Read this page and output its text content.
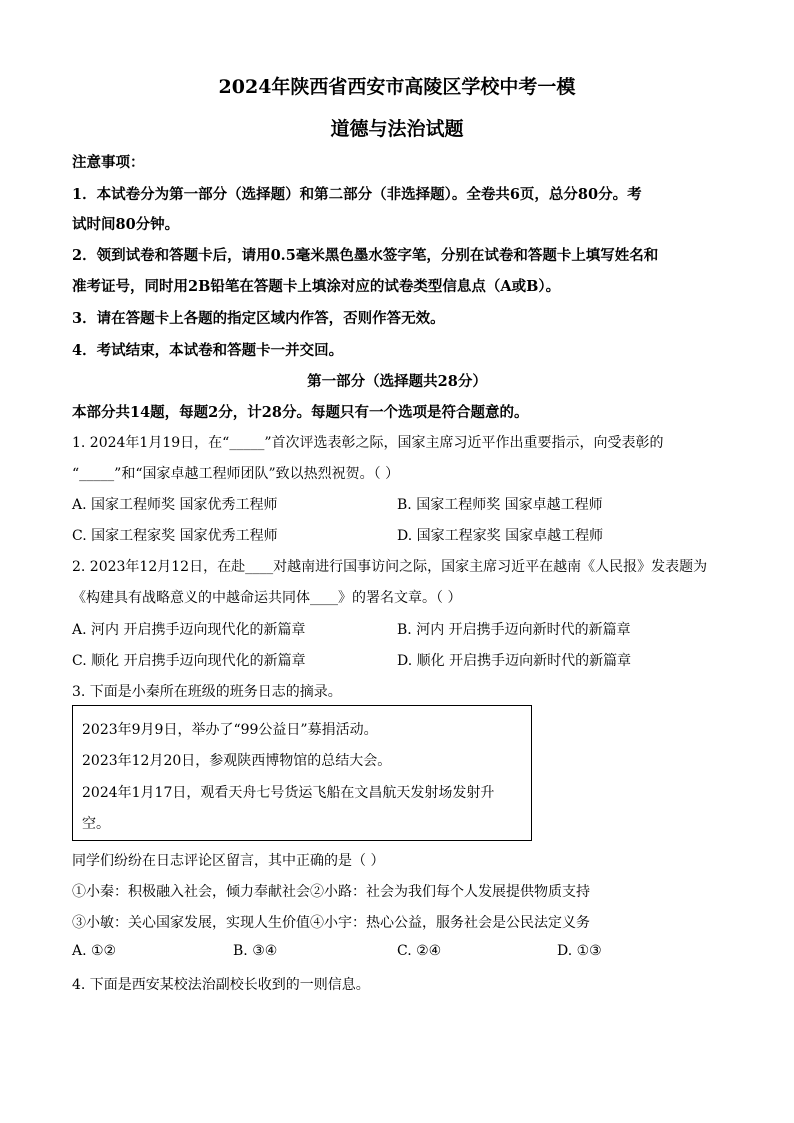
2024年陕西省西安市高陵区学校中考一模
道德与法治试题
注意事项：
1．本试卷分为第一部分（选择题）和第二部分（非选择题）。全卷共6页，总分80分。考
试时间80分钟。
2．领到试卷和答题卡后，请用0.5毫米黑色墨水签字笔，分别在试卷和答题卡上填写姓名和
准考证号，同时用2B铅笔在答题卡上填涂对应的试卷类型信息点（A或B）。
3．请在答题卡上各题的指定区域内作答，否则作答无效。
4．考试结束，本试卷和答题卡一并交回。
第一部分（选择题共28分）
本部分共14题，每题2分，计28分。每题只有一个选项是符合题意的。
1. 2024年1月19日，在“_____”首次评选表彰之际，国家主席习近平作出重要指示，向受表彰的
“_____”和“国家卓越工程师团队”致以热烈祝贺。（ ）
A. 国家工程师奖 国家优秀工程师	B. 国家工程师奖 国家卓越工程师
C. 国家工程家奖 国家优秀工程师	D. 国家工程家奖 国家卓越工程师
2. 2023年12月12日，在赴____对越南进行国事访问之际，国家主席习近平在越南《人民报》发表题为
《构建具有战略意义的中越命运共同体____》的署名文章。（ ）
A. 河内 开启携手迈向现代化的新篇章	B. 河内 开启携手迈向新时代的新篇章
C. 顺化 开启携手迈向现代化的新篇章	D. 顺化 开启携手迈向新时代的新篇章
3. 下面是小秦所在班级的班务日志的摘录。
2023年9月9日，举办了“99公益日”募捐活动。
2023年12月20日，参观陕西博物馆的总结大会。
2024年1月17日，观看天舟七号货运飞船在文昌航天发射场发射升
空。
同学们纷纷在日志评论区留言，其中正确的是（ ）
①小秦：积极融入社会，倾力奉献社会②小路：社会为我们每个人发展提供物质支持
③小敏：关心国家发展，实现人生价值④小宇：热心公益，服务社会是公民法定义务
A. ①②	B. ③④	C. ②④	D. ①③
4. 下面是西安某校法治副校长收到的一则信息。
